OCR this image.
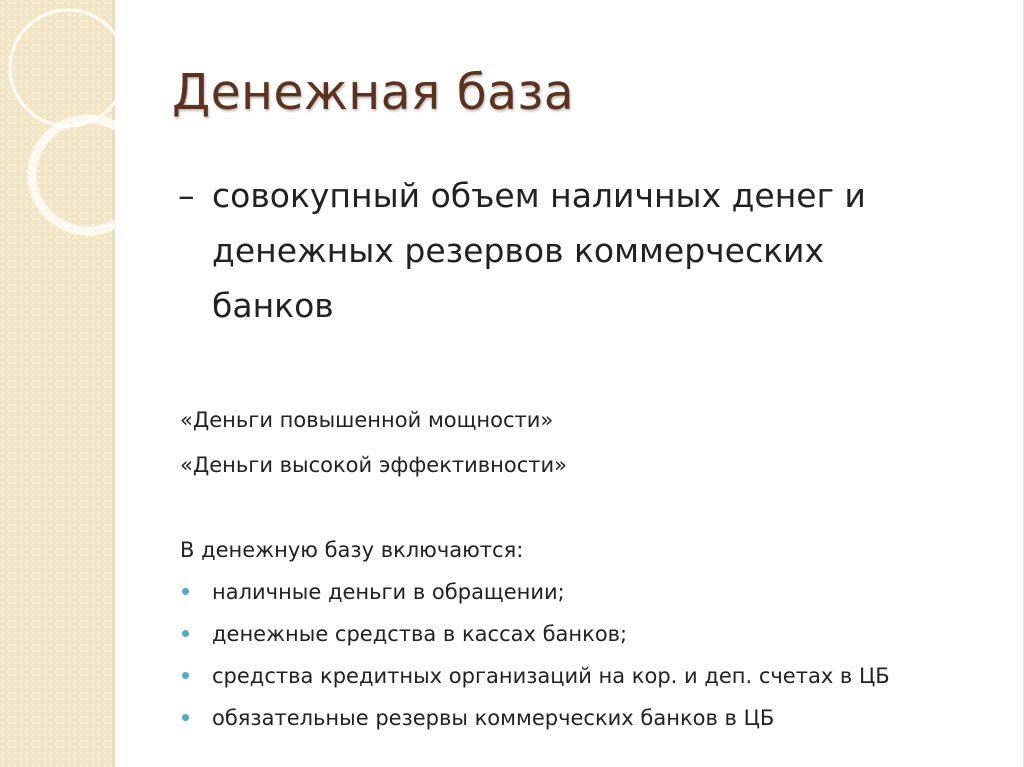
Денежная база
– совокупный объем наличных денег и
денежных резервов коммерческих
банков
«Деньги повышенной мощности»
«Деньги высокой эффективности»
В денежную базу включаются:
наличные деньги в обращении;
денежные средства в кассах банков;
средства кредитных организаций на кор. и деп. счетах в ЦБ
обязательные резервы коммерческих банков в ЦБ
